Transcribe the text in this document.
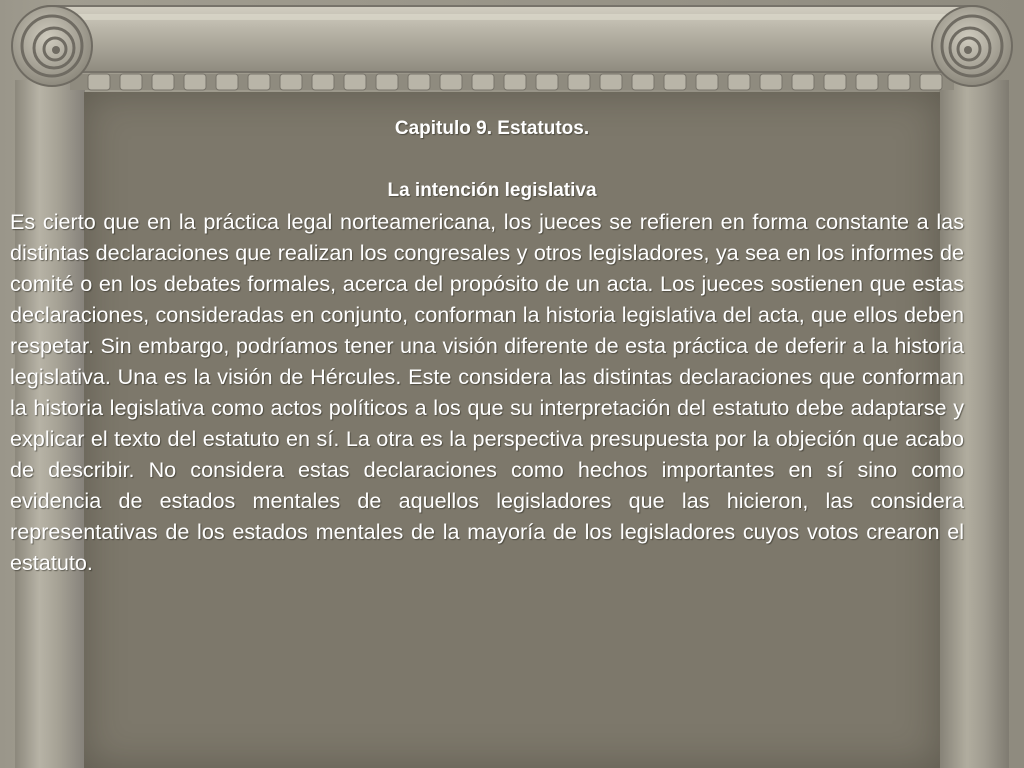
Capitulo 9. Estatutos.
La intención legislativa

Es cierto que en la práctica legal norteamericana, los jueces se refieren en forma constante a las distintas declaraciones que realizan los congresales y otros legisladores, ya sea en los informes de comité o en los debates formales, acerca del propósito de un acta. Los jueces sostienen que estas declaraciones, consideradas en conjunto, conforman la historia legislativa del acta, que ellos deben respetar. Sin embargo, podríamos tener una visión diferente de esta práctica de deferir a la historia legislativa. Una es la visión de Hércules. Este considera las distintas declaraciones que conforman la historia legislativa como actos políticos a los que su interpretación del estatuto debe adaptarse y explicar el texto del estatuto en sí. La otra es la perspectiva presupuesta por la objeción que acabo de describir. No considera estas declaraciones como hechos importantes en sí sino como evidencia de estados mentales de aquellos legisladores que las hicieron, las considera representativas de los estados mentales de la mayoría de los legisladores cuyos votos crearon el estatuto.
